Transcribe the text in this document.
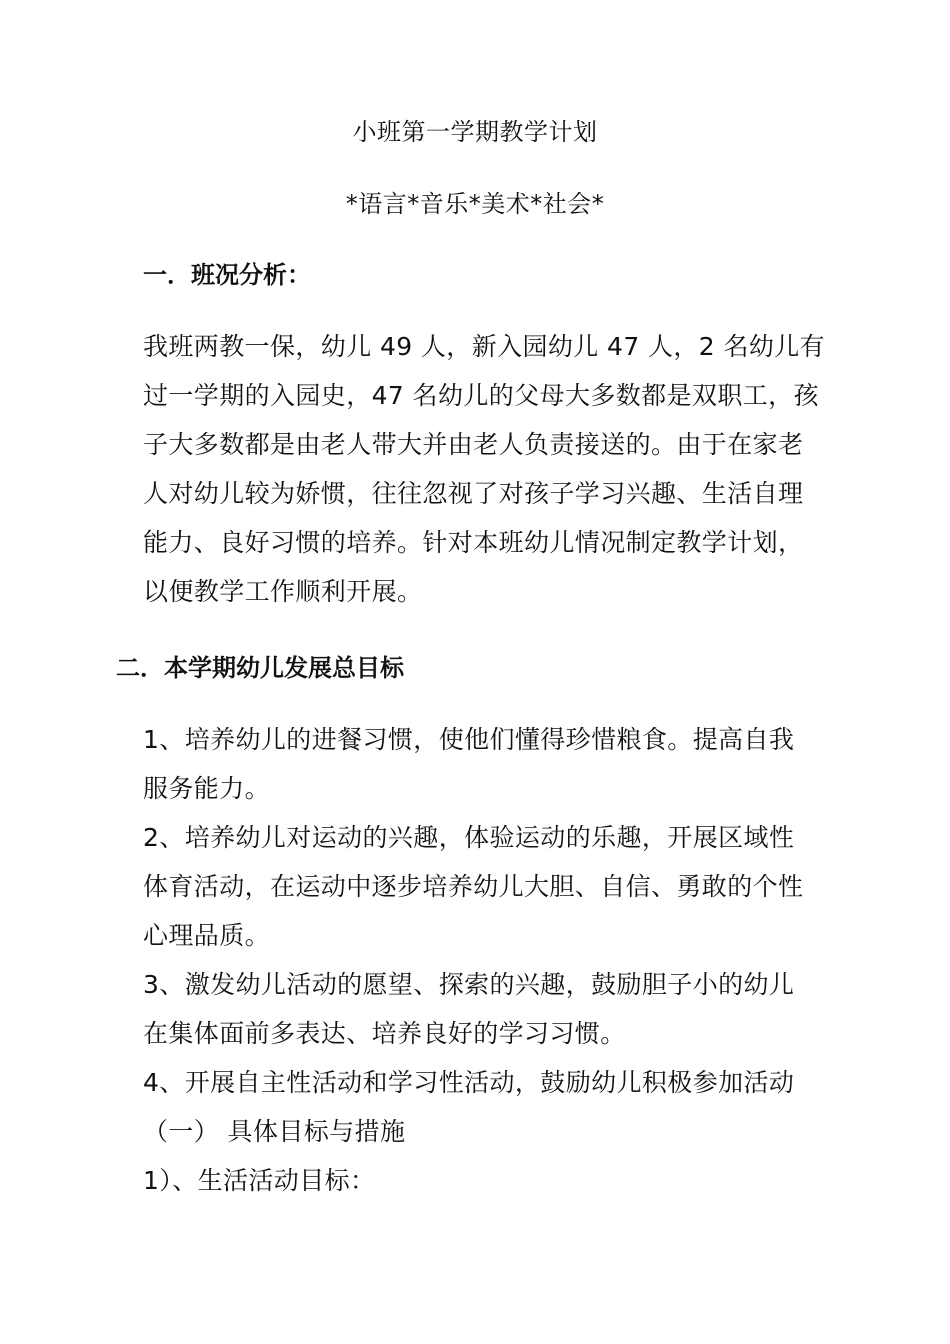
小班第一学期教学计划
*语言*音乐*美术*社会*
一．班况分析：
我班两教一保，幼儿 49 人，新入园幼儿 47 人，2 名幼儿有
过一学期的入园史，47 名幼儿的父母大多数都是双职工，孩
子大多数都是由老人带大并由老人负责接送的。由于在家老
人对幼儿较为娇惯，往往忽视了对孩子学习兴趣、生活自理
能力、良好习惯的培养。针对本班幼儿情况制定教学计划，
以便教学工作顺利开展。
二．本学期幼儿发展总目标
1、培养幼儿的进餐习惯，使他们懂得珍惜粮食。提高自我
服务能力。
2、培养幼儿对运动的兴趣，体验运动的乐趣，开展区域性
体育活动，在运动中逐步培养幼儿大胆、自信、勇敢的个性
心理品质。
3、激发幼儿活动的愿望、探索的兴趣，鼓励胆子小的幼儿
在集体面前多表达、培养良好的学习习惯。
4、开展自主性活动和学习性活动，鼓励幼儿积极参加活动
（一） 具体目标与措施
1）、生活活动目标：
